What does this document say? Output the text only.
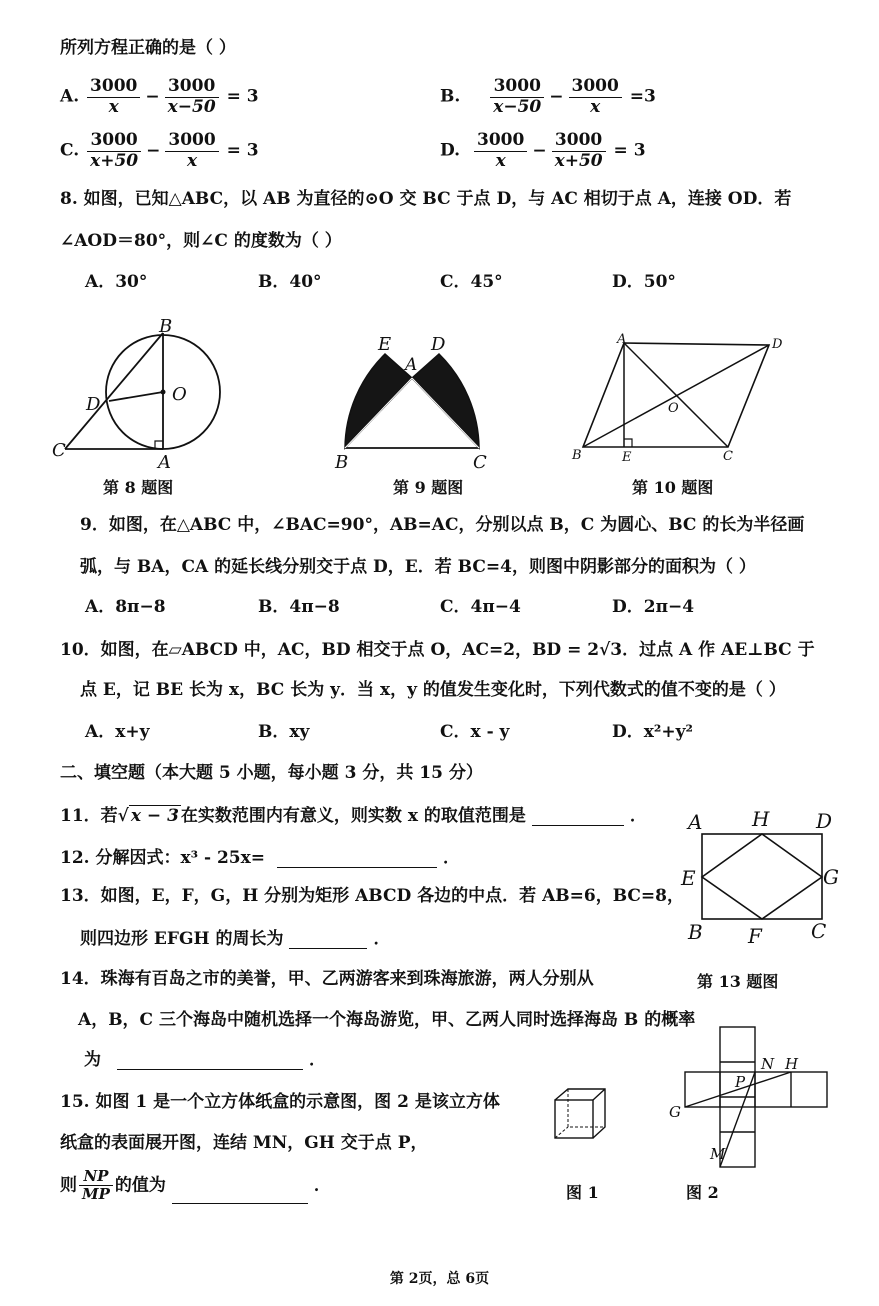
所列方程正确的是（ ）
A. $\frac{3000}{x} - \frac{3000}{x-50} = 3$	B. $\frac{3000}{x-50} - \frac{3000}{x} =3$
C. $\frac{3000}{x+50} - \frac{3000}{x} = 3$	D. $\frac{3000}{x} - \frac{3000}{x+50} = 3$
8. 如图，已知△ABC，以 AB 为直径的⊙O 交 BC 于点 D，与 AC 相切于点 A，连接 OD．若
∠AOD＝80°，则∠C 的度数为（ ）
A．30°	B．40°	C．45°	D．50°
B
O
D
C
A
第 8 题图
E D
A
B	C
第 9 题图
A	D
O
B	E	C
第 10 题图
9．如图，在△ABC 中，∠BAC=90°，AB=AC，分别以点 B，C 为圆心、BC 的长为半径画
弧，与 BA，CA 的延长线分别交于点 D，E．若 BC=4，则图中阴影部分的面积为（ ）
A．8π−8	B．4π−8	C．4π−4	D．2π−4
10．如图，在▱ABCD 中，AC，BD 相交于点 O，AC=2，BD = 2√3．过点 A 作 AE⊥BC 于
点 E，记 BE 长为 x，BC 长为 y．当 x，y 的值发生变化时，下列代数式的值不变的是（ ）
A．x+y	B．xy	C．x - y	D．x²+y²
二、填空题（本大题 5 小题，每小题 3 分，共 15 分）
11．若√ x − 3 在实数范围内有意义，则实数 x 的取值范围是	．
12. 分解因式：x³ - 25x=	．
13．如图，E，F，G，H 分别为矩形 ABCD 各边的中点．若 AB=6，BC=8，
则四边形 EFGH 的周长为	．
A H D
E	G
B F C
第 13 题图
14．珠海有百岛之市的美誉，甲、乙两游客来到珠海旅游，两人分别从
A，B，C 三个海岛中随机选择一个海岛游览，甲、乙两人同时选择海岛 B 的概率
为	．
15. 如图 1 是一个立方体纸盒的示意图，图 2 是该立方体
纸盒的表面展开图，连结 MN，GH 交于点 P，
则 $\frac{NP}{MP}$ 的值为	．	图 1
N H
P
G
M
图 2
第 2页，总 6页
